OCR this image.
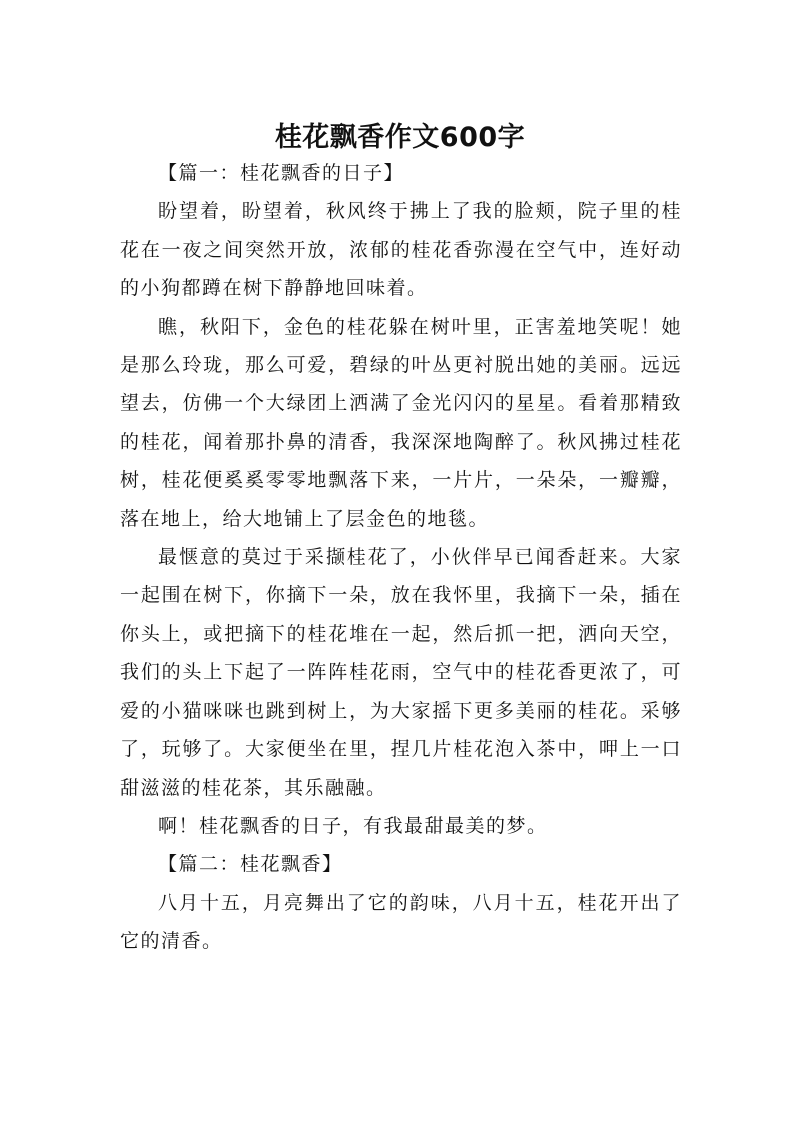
桂花飘香作文600字

【篇一：桂花飘香的日子】

盼望着，盼望着，秋风终于拂上了我的脸颊，院子里的桂花在一夜之间突然开放，浓郁的桂花香弥漫在空气中，连好动的小狗都蹲在树下静静地回味着。

瞧，秋阳下，金色的桂花躲在树叶里，正害羞地笑呢！她是那么玲珑，那么可爱，碧绿的叶丛更衬脱出她的美丽。远远望去，仿佛一个大绿团上洒满了金光闪闪的星星。看着那精致的桂花，闻着那扑鼻的清香，我深深地陶醉了。秋风拂过桂花树，桂花便奚奚零零地飘落下来，一片片，一朵朵，一瓣瓣，落在地上，给大地铺上了层金色的地毯。

最惬意的莫过于采撷桂花了，小伙伴早已闻香赶来。大家一起围在树下，你摘下一朵，放在我怀里，我摘下一朵，插在你头上，或把摘下的桂花堆在一起，然后抓一把，洒向天空，我们的头上下起了一阵阵桂花雨，空气中的桂花香更浓了，可爱的小猫咪咪也跳到树上，为大家摇下更多美丽的桂花。采够了，玩够了。大家便坐在里，捏几片桂花泡入茶中，呷上一口甜滋滋的桂花茶，其乐融融。

啊！桂花飘香的日子，有我最甜最美的梦。

【篇二：桂花飘香】

八月十五，月亮舞出了它的韵味，八月十五，桂花开出了它的清香。
